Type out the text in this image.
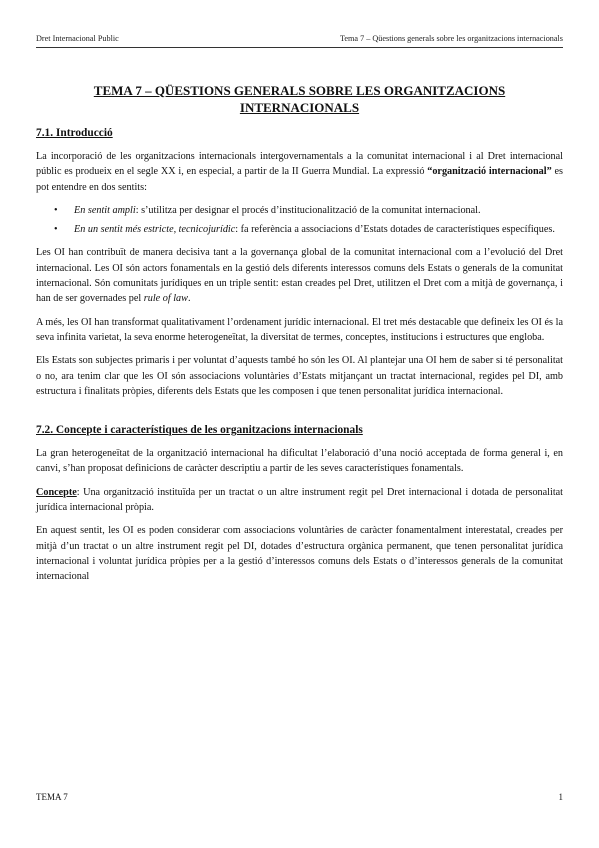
Dret Internacional Public	Tema 7 – Qüestions generals sobre les organitzacions internacionals
TEMA 7 – QÜESTIONS GENERALS SOBRE LES ORGANITZACIONS INTERNACIONALS
7.1. Introducció

La incorporació de les organitzacions internacionals intergovernamentals a la comunitat internacional i al Dret internacional públic es produeix en el segle XX i, en especial, a partir de la II Guerra Mundial. La expressió “organització internacional” es pot entendre en dos sentits:

• En sentit ampli: s’utilitza per designar el procés d’institucionalització de la comunitat internacional.
• En un sentit més estricte, tecnicojurídic: fa referència a associacions d’Estats dotades de característiques específiques.

Les OI han contribuït de manera decisiva tant a la governança global de la comunitat internacional com a l’evolució del Dret internacional. Les OI són actors fonamentals en la gestió dels diferents interessos comuns dels Estats o generals de la comunitat internacional. Són comunitats jurídiques en un triple sentit: estan creades pel Dret, utilitzen el Dret com a mitjà de governança, i han de ser governades pel rule of law.

A més, les OI han transformat qualitativament l’ordenament jurídic internacional. El tret més destacable que defineix les OI és la seva infinita varietat, la seva enorme heterogeneïtat, la diversitat de termes, conceptes, institucions i estructures que engloba.

Els Estats son subjectes primaris i per voluntat d’aquests també ho són les OI. Al plantejar una OI hem de saber si té personalitat o no, ara tenim clar que les OI són associacions voluntàries d’Estats mitjançant un tractat internacional, regides pel DI, amb estructura i finalitats pròpies, diferents dels Estats que les composen i que tenen personalitat jurídica internacional.

7.2. Concepte i característiques de les organitzacions internacionals

La gran heterogeneïtat de la organització internacional ha dificultat l’elaboració d’una noció acceptada de forma general i, en canvi, s’han proposat definicions de caràcter descriptiu a partir de les seves característiques fonamentals.

Concepte: Una organització instituïda per un tractat o un altre instrument regit pel Dret internacional i dotada de personalitat jurídica internacional pròpia.

En aquest sentit, les OI es poden considerar com associacions voluntàries de caràcter fonamentalment interestatal, creades per mitjà d’un tractat o un altre instrument regit pel DI, dotades d’estructura orgànica permanent, que tenen personalitat jurídica internacional i voluntat jurídica pròpies per a la gestió d’interessos comuns dels Estats o d’interessos generals de la comunitat internacional

TEMA 7	1
